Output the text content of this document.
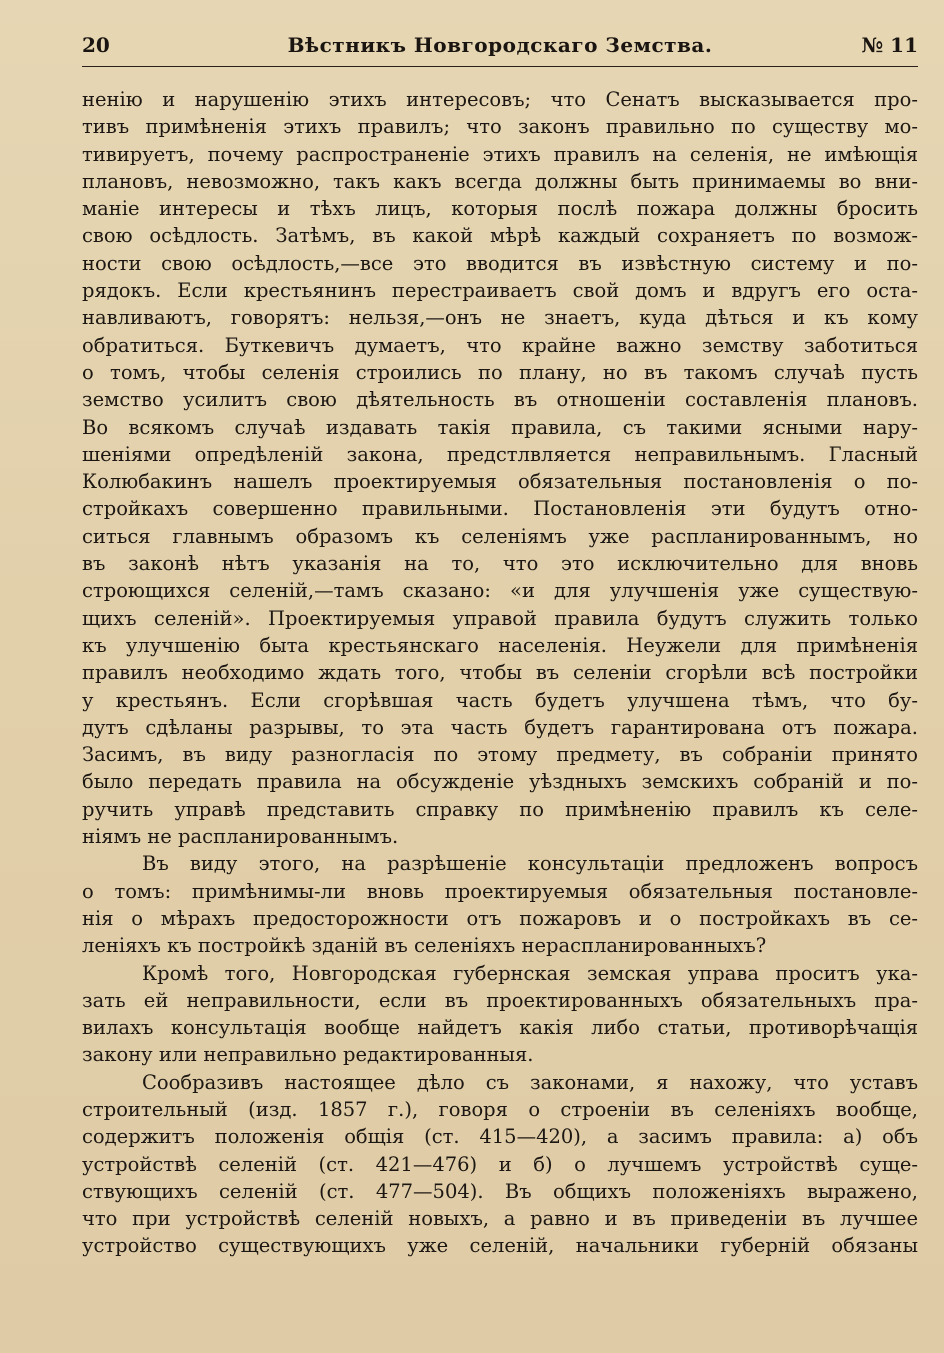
20	Вѣстникъ Новгородскаго Земства.	№ 11
ненію и нарушенію этихъ интересовъ; что Сенатъ высказывается про-
тивъ примѣненія этихъ правилъ; что законъ правильно по существу мо-
тивируетъ, почему распространеніе этихъ правилъ на селенія, не имѣющія
плановъ, невозможно, такъ какъ всегда должны быть принимаемы во вни-
маніе интересы и тѣхъ лицъ, которыя послѣ пожара должны бросить
свою осѣдлость. Затѣмъ, въ какой мѣрѣ каждый сохраняетъ по возмож-
ности свою осѣдлость,—все это вводится въ извѣстную систему и по-
рядокъ. Если крестьянинъ перестраиваетъ свой домъ и вдругъ его оста-
навливаютъ, говорятъ: нельзя,—онъ не знаетъ, куда дѣться и къ кому
обратиться. Буткевичъ думаетъ, что крайне важно земству заботиться
о томъ, чтобы селенія строились по плану, но въ такомъ случаѣ пусть
земство усилитъ свою дѣятельность въ отношеніи составленія плановъ.
Во всякомъ случаѣ издавать такія правила, съ такими ясными нару-
шеніями опредѣленій закона, предстлвляется неправильнымъ. Гласный
Колюбакинъ нашелъ проектируемыя обязательныя постановленія о по-
стройкахъ совершенно правильными. Постановленія эти будутъ отно-
ситься главнымъ образомъ къ селеніямъ уже распланированнымъ, но
въ законѣ нѣтъ указанія на то, что это исключительно для вновь
строющихся селеній,—тамъ сказано: «и для улучшенія уже существую-
щихъ селеній». Проектируемыя управой правила будутъ служить только
къ улучшенію быта крестьянскаго населенія. Неужели для примѣненія
правилъ необходимо ждать того, чтобы въ селеніи сгорѣли всѣ постройки
у крестьянъ. Если сгорѣвшая часть будетъ улучшена тѣмъ, что бу-
дутъ сдѣланы разрывы, то эта часть будетъ гарантирована отъ пожара.
Засимъ, въ виду разногласія по этому предмету, въ собраніи принято
было передать правила на обсужденіе уѣздныхъ земскихъ собраній и по-
ручить управѣ представить справку по примѣненію правилъ къ селе-
ніямъ не распланированнымъ.
Въ виду этого, на разрѣшеніе консультаціи предложенъ вопросъ
о томъ: примѣнимы-ли вновь проектируемыя обязательныя постановле-
нія о мѣрахъ предосторожности отъ пожаровъ и о постройкахъ въ се-
леніяхъ къ постройкѣ зданій въ селеніяхъ нераспланированныхъ?
Кромѣ того, Новгородская губернская земская управа проситъ ука-
зать ей неправильности, если въ проектированныхъ обязательныхъ пра-
вилахъ консультація вообще найдетъ какія либо статьи, противорѣчащія
закону или неправильно редактированныя.
Сообразивъ настоящее дѣло съ законами, я нахожу, что уставъ
строительный (изд. 1857 г.), говоря о строеніи въ селеніяхъ вообще,
содержитъ положенія общія (ст. 415—420), а засимъ правила: а) объ
устройствѣ селеній (ст. 421—476) и б) о лучшемъ устройствѣ суще-
ствующихъ селеній (ст. 477—504). Въ общихъ положеніяхъ выражено,
что при устройствѣ селеній новыхъ, а равно и въ приведеніи въ лучшее
устройство существующихъ уже селеній, начальники губерній обязаны
